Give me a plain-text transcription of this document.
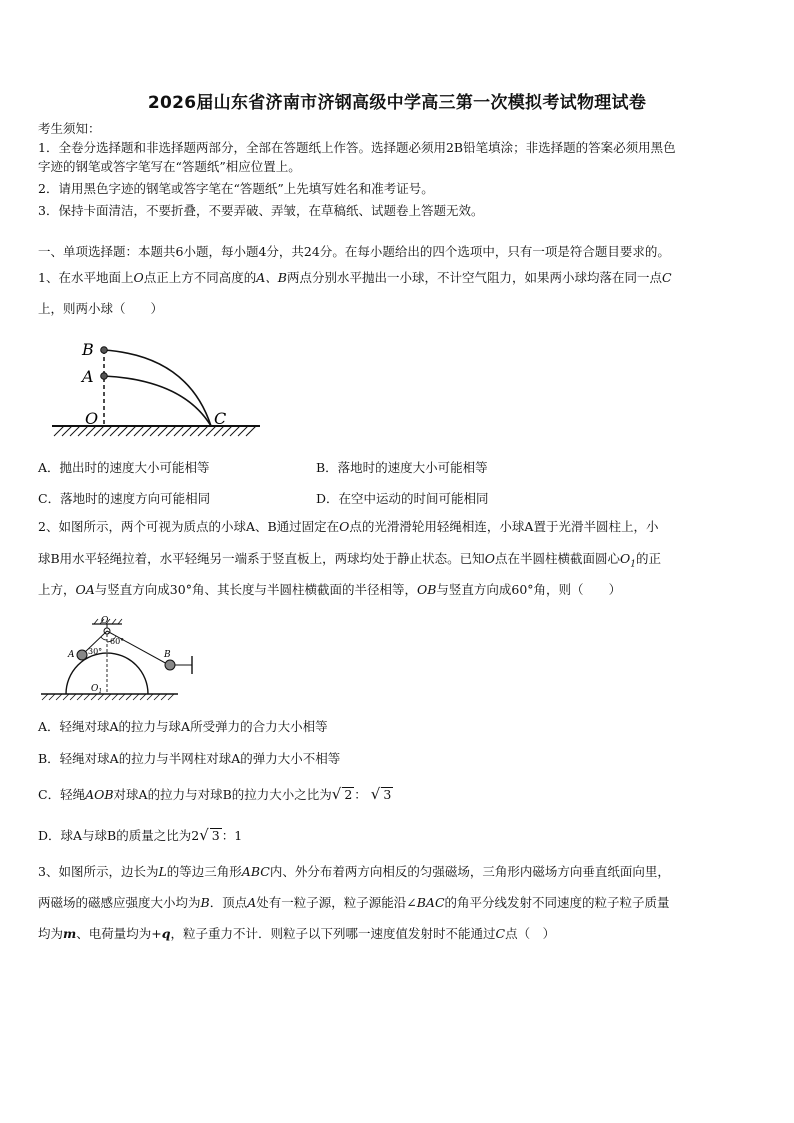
2026届山东省济南市济钢高级中学高三第一次模拟考试物理试卷
考生须知：
1．全卷分选择题和非选择题两部分，全部在答题纸上作答。选择题必须用2B铅笔填涂；非选择题的答案必须用黑色
字迹的钢笔或答字笔写在“答题纸”相应位置上。
2．请用黑色字迹的钢笔或答字笔在“答题纸”上先填写姓名和准考证号。
3．保持卡面清洁，不要折叠，不要弄破、弄皱，在草稿纸、试题卷上答题无效。
一、单项选择题：本题共6小题，每小题4分，共24分。在每小题给出的四个选项中，只有一项是符合题目要求的。
1、在水平地面上O点正上方不同高度的A、B两点分别水平抛出一小球，不计空气阻力，如果两小球均落在同一点C
上，则两小球（　　）
B
A
O	C
A．抛出时的速度大小可能相等	B．落地时的速度大小可能相等
C．落地时的速度方向可能相同	D．在空中运动的时间可能相同
2、如图所示，两个可视为质点的小球A、B通过固定在O点的光滑滑轮用轻绳相连，小球A置于光滑半圆柱上，小
球B用水平轻绳拉着，水平轻绳另一端系于竖直板上，两球均处于静止状态。已知O点在半圆柱横截面圆心$O_1$的正
上方，OA与竖直方向成30°角、其长度与半圆柱横截面的半径相等，OB与竖直方向成60°角，则（　　）
O
60°
30°
A	B
$O_1$
A．轻绳对球A的拉力与球A所受弹力的合力大小相等
B．轻绳对球A的拉力与半网柱对球A的弹力大小不相等
C．轻绳AOB对球A的拉力与对球B的拉力大小之比为√ 2 ： √ 3
D．球A与球B的质量之比为2√ 3 ：1
3、如图所示，边长为L的等边三角形ABC内、外分布着两方向相反的匀强磁场，三角形内磁场方向垂直纸面向里，
两磁场的磁感应强度大小均为B．顶点A处有一粒子源，粒子源能沿∠BAC的角平分线发射不同速度的粒子粒子质量
均为m、电荷量均为+q，粒子重力不计．则粒子以下列哪一速度值发射时不能通过C点（　）
